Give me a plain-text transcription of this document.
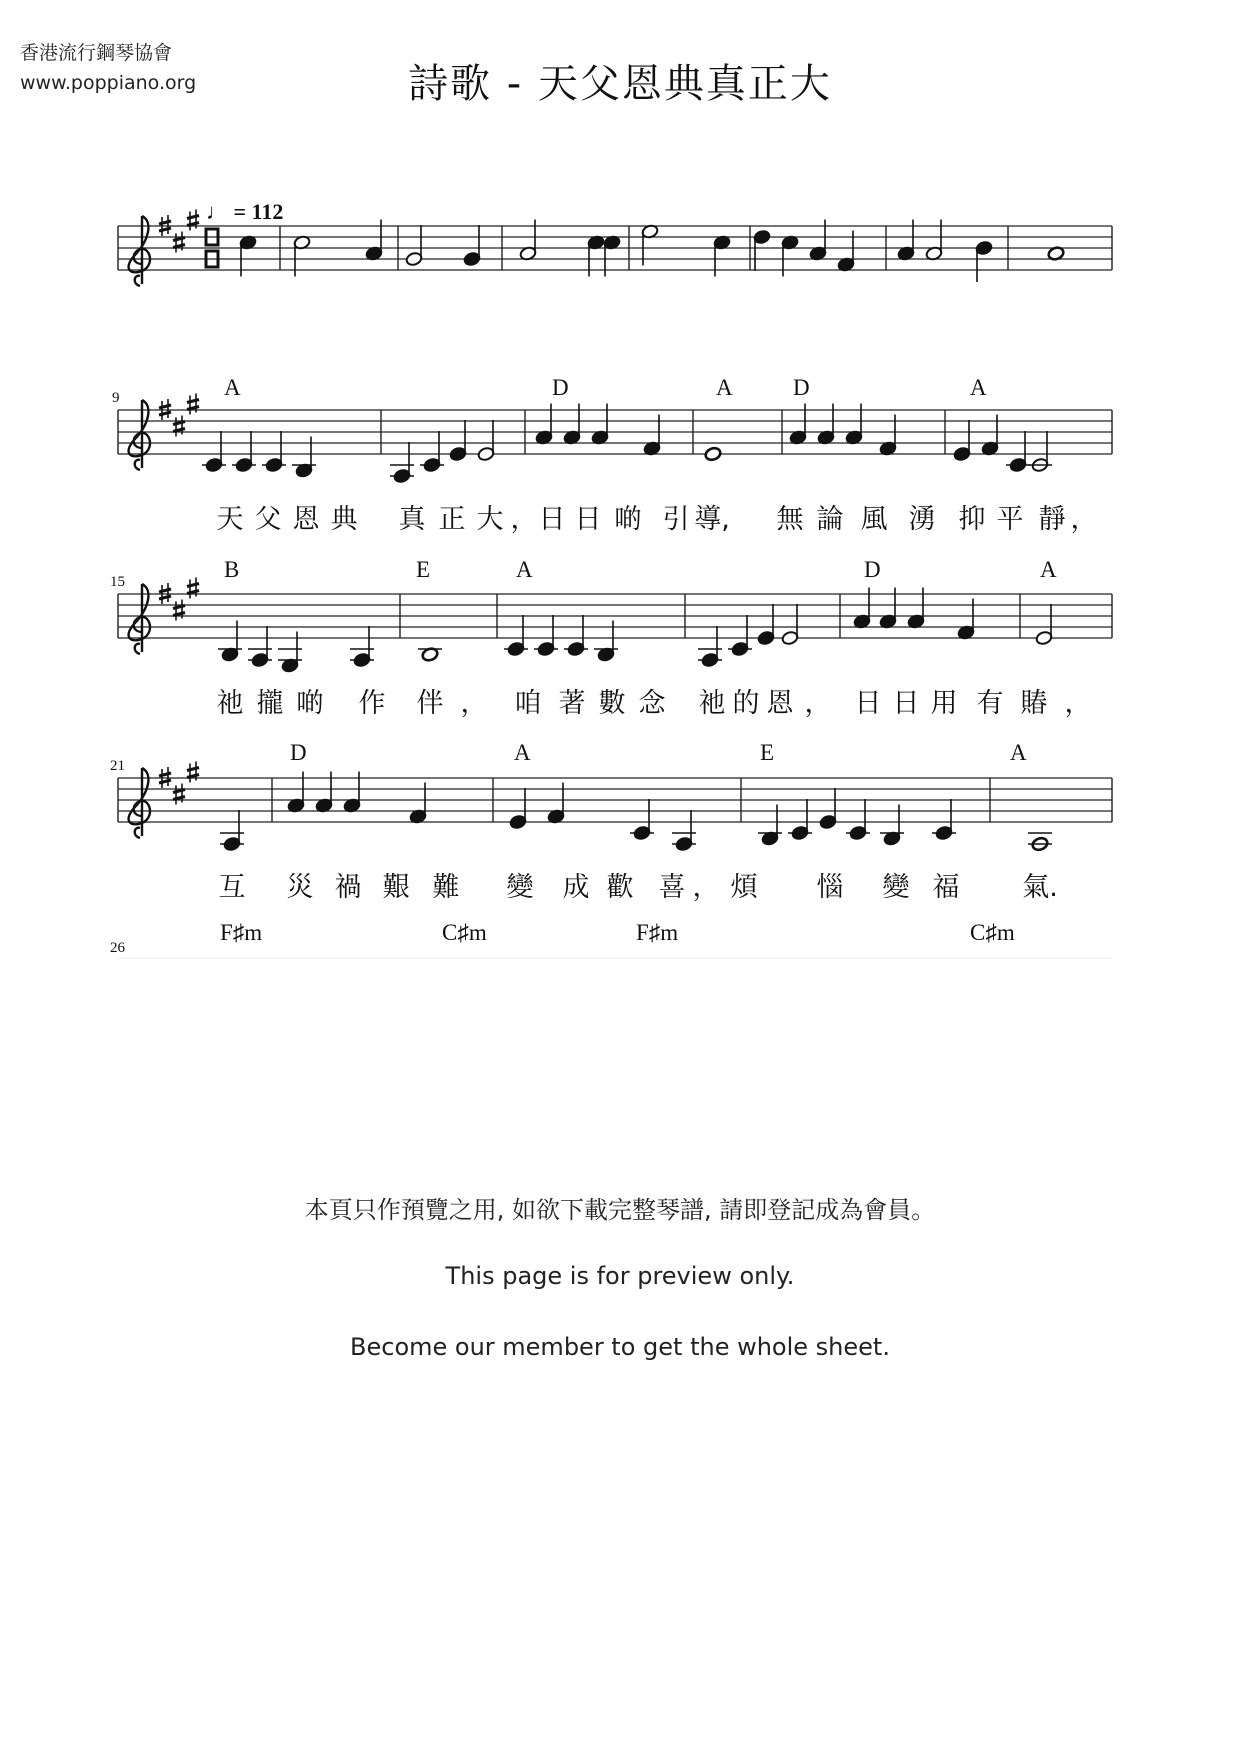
香港流行鋼琴協會
www.poppiano.org	詩歌 - 天父恩典真正大
♩ = 112
9
15
21
26
A	D	A	D	A
B	E	A	D	A
D	A	E	A
F♯m	C♯m	F♯m	C♯m
天 父 恩 典 真 正 大 ， 日 日 啲 引 導, 無 論 風 湧 抑 平 靜 ，
祂 攏 啲 作 伴 ， 咱 著 數 念 祂 的 恩 ， 日 日 用 有 賰 ，
互 災 禍 艱 難 變 成 歡 喜 ， 煩 惱 變 福 氣.
本頁只作預覽之用, 如欲下載完整琴譜, 請即登記成為會員。
This page is for preview only.
Become our member to get the whole sheet.
